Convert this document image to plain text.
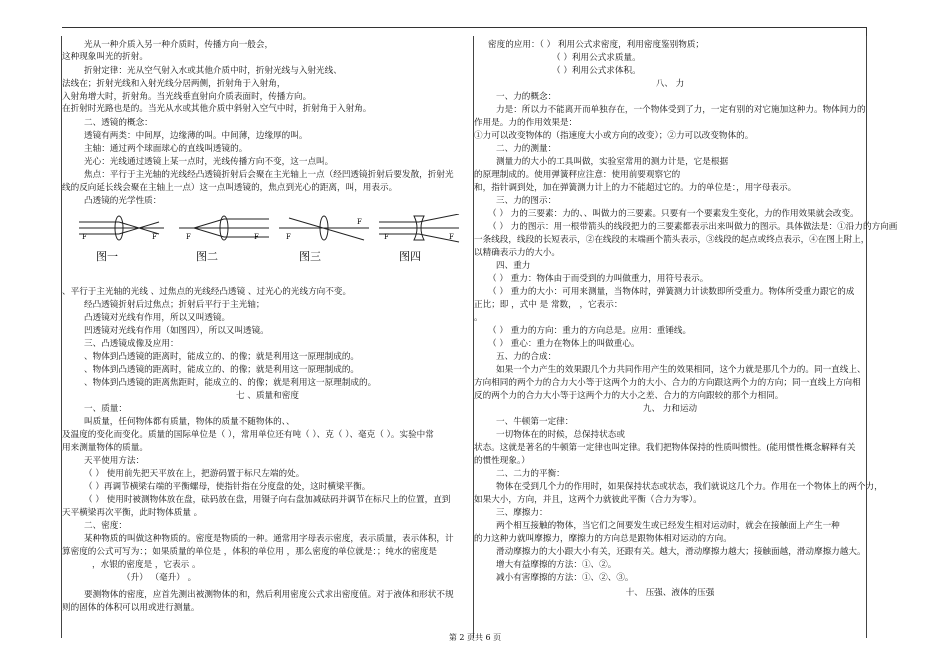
光从一种介质入另一种介质时，传播方向一般会，
这种现象叫光的折射。
折射定律：光从空气射入水或其他介质中时，折射光线与入射光线、
法线在；折射光线和入射光线分居两侧，折射角于入射角，
入射角增大时，折射角。当光线垂直射向介质表面时，传播方向。
在折射时光路也是的。当光从水或其他介质中斜射入空气中时，折射角于入射角。
二、透镜的概念：
透镜有两类：中间厚，边缘薄的叫。中间薄，边缘厚的叫。
主轴：通过两个球面球心的直线叫透镜的。
光心：光线通过透镜上某一点时，光线传播方向不变，这一点叫。
焦点：平行于主光轴的光线经凸透镜折射后会聚在主光轴上一点（经凹透镜折射后要发散，折射光
线的反向延长线会聚在主轴上一点）这一点叫透镜的，焦点到光心的距离，叫，用表示。
凸透镜的光学性质：
F	F	F	F	F
F
F	F
图一	图二	图三	图四
、平行于主光轴的光线 、过焦点的光线经凸透镜 、过光心的光线方向不变。
经凸透镜折射后过焦点；折射后平行于主光轴；
凸透镜对光线有作用，所以又叫透镜。
凹透镜对光线有作用（如图四），所以又叫透镜。
三、凸透镜成像及应用：
、物体到凸透镜的距离时，能成立的、的像；就是利用这一原理制成的。
、物体到凸透镜的距离时，能成立的、的像；就是利用这一原理制成的。
、物体到凸透镜的距离焦距时，能成立的、的像；就是利用这一原理制成的。
七 、质量和密度
一、质量：
叫质量，任何物体都有质量，物体的质量不随物体的、、
及温度的变化而变化。质量的国际单位是（ ），常用单位还有吨（ ）、克（ ）、毫克（ ）。实验中常
用来测量物体的质量。
天平使用方法：
（ ） 使用前先把天平放在上，把游码置于标尺左端的处。
（ ）再调节横梁右端的平衡螺母，使指针指在分度盘的处，这时横梁平衡。
（ ） 使用时被测物体放在盘，砝码放在盘，用镊子向右盘加减砝码并调节在标尺上的位置，直到
天平横梁再次平衡，此时物体质量 。
二、密度：
某种物质的叫做这种物质的。密度是物质的一种。通常用字母表示密度，表示质量，表示体积，计
算密度的公式可写为：；如果质量的单位是 ，体积的单位用 ，那么密度的单位就是：；纯水的密度是
，水银的密度是 ，它表示 。
（升） （毫升） 。
要测物体的密度，应首先测出被测物体的和，然后利用密度公式求出密度值。对于液体和形状不规
则的固体的体积可以用或进行测量。
密度的应用：（ ） 利用公式求密度，利用密度鉴别物质；
（ ）利用公式求质量。
（ ）利用公式求体积。
八、 力
一、力的概念：
力是：所以力不能离开而单独存在，一个物体受到了力，一定有别的对它施加这种力。物体间力的
作用是。力的作用效果是：
①力可以改变物体的（指速度大小或方向的改变）；②力可以改变物体的。
二、力的测量：
测量力的大小的工具叫做，实验室常用的测力计是，它是根据
的原理制成的。使用弹簧秤应注意：使用前要观察它的
和，指针调到处，加在弹簧测力计上的力不能超过它的。力的单位是：，用字母表示。
三、力的图示：
（ ） 力的三要素：力的、、叫做力的三要素。只要有一个要素发生变化，力的作用效果就会改变。
（ ） 力的图示：用一根带箭头的线段把力的三要素都表示出来叫做力的图示。具体做法是：①沿力的方向画
一条线段，线段的长短表示，②在线段的末端画个箭头表示，③线段的起点或终点表示，④在图上附上，
以精确表示力的大小。
四、重力
（ ） 重力：物体由于而受到的力叫做重力，用符号表示。
（ ） 重力的大小：可用来测量，当物体时，弹簧测力计读数即所受重力。物体所受重力跟它的成
正比；即 ，式中 是 常数， ，它表示：
。
（ ） 重力的方向：重力的方向总是。应用：重锤线。
（ ） 重心：重力在物体上的叫做重心。
五、力的合成：
如果一个力产生的效果跟几个力共同作用产生的效果相同，这个力就是那几个力的。同一直线上、
方向相同的两个力的合力大小等于这两个力的大小、合力的方向跟这两个力的方向；同一直线上方向相
反的两个力的合力大小等于这两个力的大小之差、合力的方向跟较的那个力相同。
九、 力和运动
一、牛顿第一定律：
一切物体在的时候，总保持状态或
状态。这就是著名的牛顿第一定律也叫定律。我们把物体保持的性质叫惯性。(能用惯性概念解释有关
的惯性现象。）
二、二力的平衡：
物体在受到几个力的作用时，如果保持状态或状态，我们就说这几个力。作用在一个物体上的两个力，
如果大小，方向，并且，这两个力就彼此平衡（合力为零）。
三、摩擦力：
两个相互接触的物体，当它们之间要发生或已经发生相对运动时，就会在接触面上产生一种
的力这种力就叫摩擦力，摩擦力的方向总是跟物体相对运动的方向。
滑动摩擦力的大小跟大小有关，还跟有关。越大，滑动摩擦力越大；接触面越，滑动摩擦力越大。
增大有益摩擦的方法：①、②。
减小有害摩擦的方法：①、②、③。
十、 压强、液体的压强
第 2 页共 6 页
